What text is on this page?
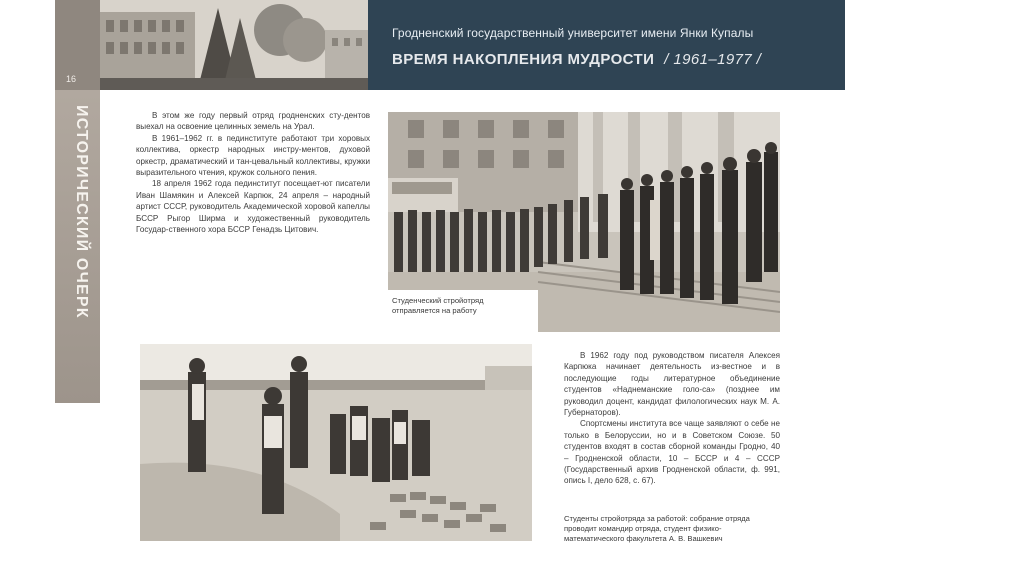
16
ИСТОРИЧЕСКИЙ ОЧЕРК
Гродненский государственный университет имени Янки Купалы
ВРЕМЯ НАКОПЛЕНИЯ МУДРОСТИ / 1961–1977 /

В этом же году первый отряд гродненских сту-дентов выехал на освоение целинных земель на Урал.

В 1961–1962 гг. в пединституте работают три хоровых коллектива, оркестр народных инстру-ментов, духовой оркестр, драматический и тан-цевальный коллективы, кружки выразительного чтения, кружок сольного пения.

18 апреля 1962 года пединститут посещает-ют писатели Иван Шамякин и Алексей Карпюк, 24 апреля – народный артист СССР, руководитель Академической хоровой капеллы БССР Рыгор Ширма и художественный руководитель Государ-ственного хора БССР Генадзь Цитович.

Студенческий стройотряд отправляется на работу

В 1962 году под руководством писателя Алексея Карпюка начинает деятельность из-вестное и в последующие годы литературное объединение студентов «Наднеманские голо-са» (позднее им руководил доцент, кандидат филологических наук М. А. Губернаторов).

Спортсмены института все чаще заявляют о себе не только в Белоруссии, но и в Советском Союзе. 50 студентов входят в состав сборной команды Гродно, 40 – Гродненской области, 10 – БССР и 4 – СССР (Государственный архив Гродненской области, ф. 991, опись I, дело 628, с. 67).

Студенты стройотряда за работой: собрание отряда проводит командир отряда, студент физико-математического факультета А. В. Вашкевич
